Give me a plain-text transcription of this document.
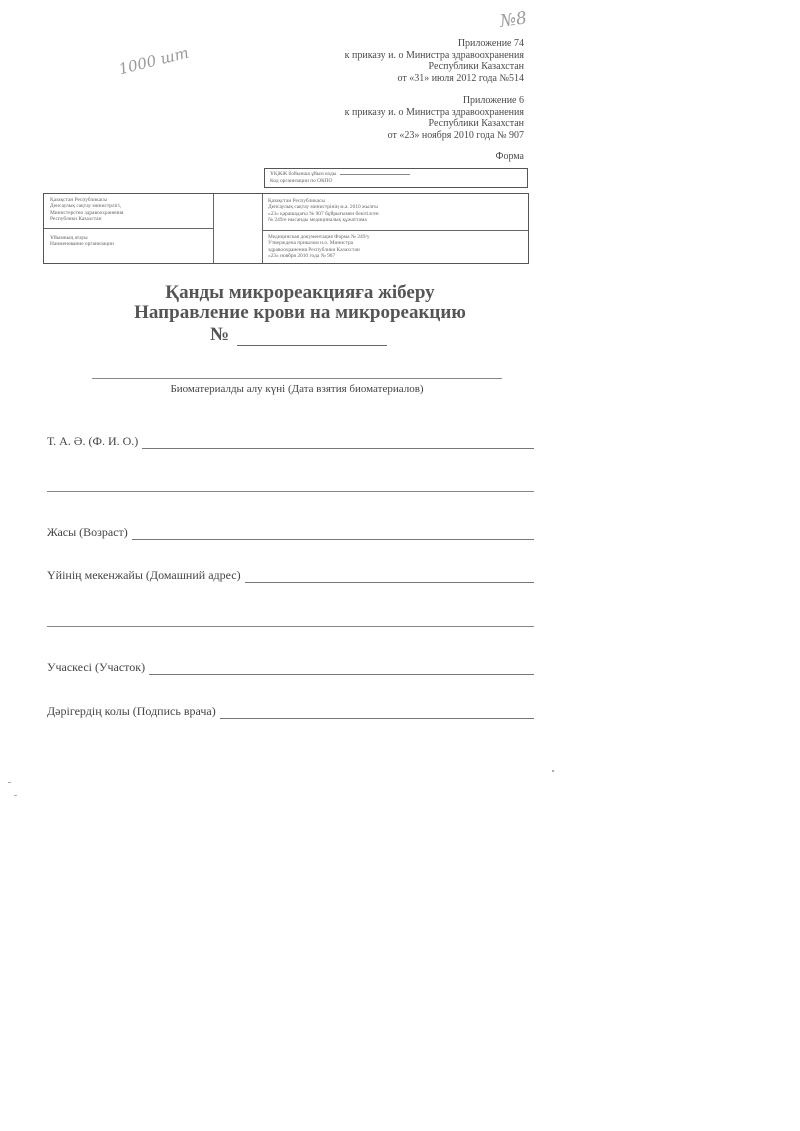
№8
1000 шт
Приложение 74
к приказу и. о Министра здравоохранения
Республики Казахстан
от «31» июля 2012 года №514
Приложение 6
к приказу и. о Министра здравоохранения
Республики Казахстан
от «23» ноября 2010 года № 907
Форма
ҰҚЖЖ бойынша ұйым коды
Код организации по ОКПО
Қазақстан Республикасы
Денсаулық сақтау министрлігі,
Министерство здравоохранения
Республики Казахстан
Ұйымның атауы
Наименование организации
Қазақстан Республикасы
Денсаулық сақтау министрінің м.а. 2010 жылғы
«23» қарашадағы № 907 бұйрығымен бекітілген
№ 249/е нысанды медициналық құжаттама
Медицинская документация Форма № 249/у
Утверждена приказом и.о. Министра
здравоохранения Республики Казахстан
«23» ноября 2010 года № 907
Қанды микрореакцияға жіберу
Направление крови на микрореакцию
№
Биоматериалды алу күні (Дата взятия биоматериалов)
Т. А. Ә. (Ф. И. О.)
Жасы (Возраст)
Үйінің мекенжайы (Домашний адрес)
Учаскесі (Участок)
Дәрігердің колы (Подпись врача)
